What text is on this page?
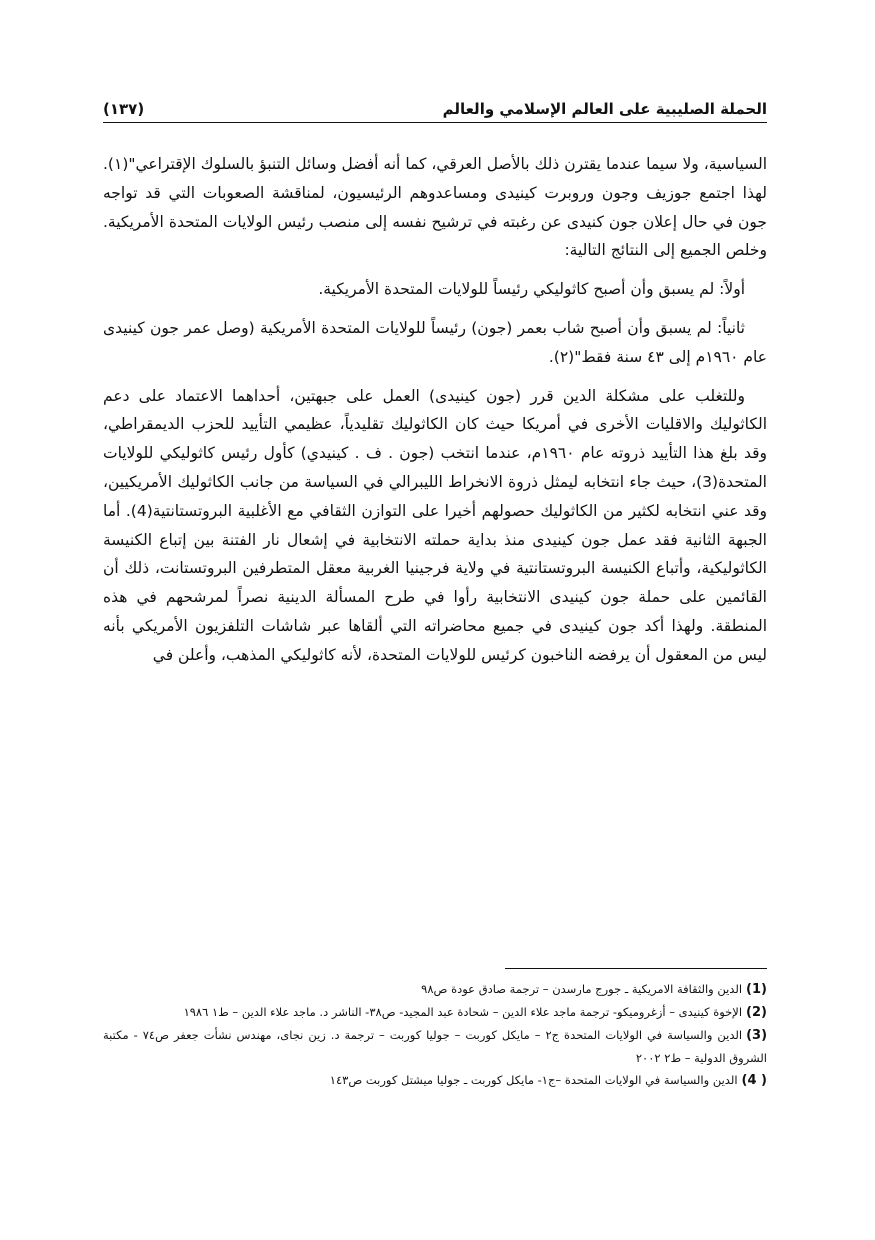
الحملة الصليبية على العالم الإسلامي والعالم
(١٣٧)

السياسية، ولا سيما عندما يقترن ذلك بالأصل العرقي، كما أنه أفضل وسائل التنبؤ بالسلوك الإقتراعي"(١). لهذا اجتمع جوزيف وجون وروبرت كينيدى ومساعدوهم الرئيسيون، لمناقشة الصعوبات التي قد تواجه جون في حال إعلان جون كنيدى عن رغبته في ترشيح نفسه إلى منصب رئيس الولايات المتحدة الأمريكية. وخلص الجميع إلى النتائج التالية:

أولاً: لم يسبق وأن أصبح كاثوليكي رئيساً للولايات المتحدة الأمريكية.

ثانياً: لم يسبق وأن أصبح شاب بعمر (جون) رئيساً للولايات المتحدة الأمريكية (وصل عمر جون كينيدى عام ١٩٦٠م إلى ٤٣ سنة فقط"(٢).

وللتغلب على مشكلة الدين قرر (جون كينيدى) العمل على جبهتين، أحداهما الاعتماد على دعم الكاثوليك والاقليات الأخرى في أمريكا حيث كان الكاثوليك تقليدياً، عظيمي التأييد للحزب الديمقراطي، وقد بلغ هذا التأييد ذروته عام ١٩٦٠م، عندما انتخب (جون . ف . كينيدي) كأول رئيس كاثوليكي للولايات المتحدة(3)، حيث جاء انتخابه ليمثل ذروة الانخراط الليبرالي في السياسة من جانب الكاثوليك الأمريكيين، وقد عني انتخابه لكثير من الكاثوليك حصولهم أخيرا على التوازن الثقافي مع الأغلبية البروتستانتية(4). أما الجبهة الثانية فقد عمل جون كينيدى منذ بداية حملته الانتخابية في إشعال نار الفتنة بين إتباع الكنيسة الكاثوليكية، وأتباع الكنيسة البروتستانتية في ولاية فرجينيا الغربية معقل المتطرفين البروتستانت، ذلك أن القائمين على حملة جون كينيدى الانتخابية رأوا في طرح المسألة الدينية نصراً لمرشحهم في هذه المنطقة. ولهذا أكد جون كينيدى في جميع محاضراته التي ألقاها عبر شاشات التلفزيون الأمريكي بأنه ليس من المعقول أن يرفضه الناخبون كرئيس للولايات المتحدة، لأنه كاثوليكي المذهب، وأعلن في

(1)الدين والثقافة الامريكية ـ جورج مارسدن – ترجمة صادق عودة ص٩٨

(2)الإخوة كينيدى – أزغروميكو- ترجمة ماجد علاء الدين – شحادة عبد المجيد- ص٣٨- الناشر د. ماجد علاء الدين – ط١ ١٩٨٦

(3)الدين والسياسة في الولايات المتحدة ج٢ – مايكل كوربت – جوليا كوربت – ترجمة د. زين نجاى، مهندس نشأت جعفر ص٧٤ - مكتبة الشروق الدولية – ط٢ ٢٠٠٢

( 4)الدين والسياسة في الولايات المتحدة –ج١- مايكل كوربت ـ جوليا ميشتل كوربت ص١٤٣
